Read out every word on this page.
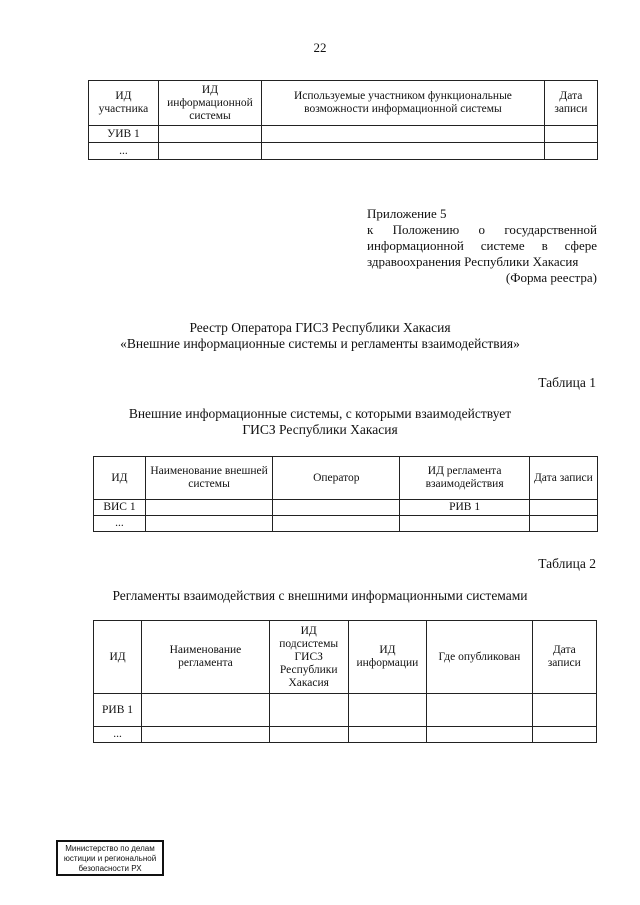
22
ИД участника	ИД информационной системы	Используемые участником функциональные возможности информационной системы	Дата записи
УИВ 1			
...			
Приложение 5
к Положению о государственной
информационной системе в сфере
здравоохранения Республики Хакасия
(Форма реестра)
Реестр Оператора ГИСЗ Республики Хакасия
«Внешние информационные системы и регламенты взаимодействия»
Таблица 1
Внешние информационные системы, с которыми взаимодействует
ГИСЗ Республики Хакасия
ИД	Наименование внешней системы	Оператор	ИД регламента взаимодействия	Дата записи
ВИС 1			РИВ 1	
...				
Таблица 2
Регламенты взаимодействия с внешними информационными системами
ИД	Наименование регламента	ИД подсистемы ГИСЗ Республики Хакасия	ИД информации	Где опубликован	Дата записи
РИВ 1					
...					
Министерство по делам
юстиции и региональной
безопасности РХ
